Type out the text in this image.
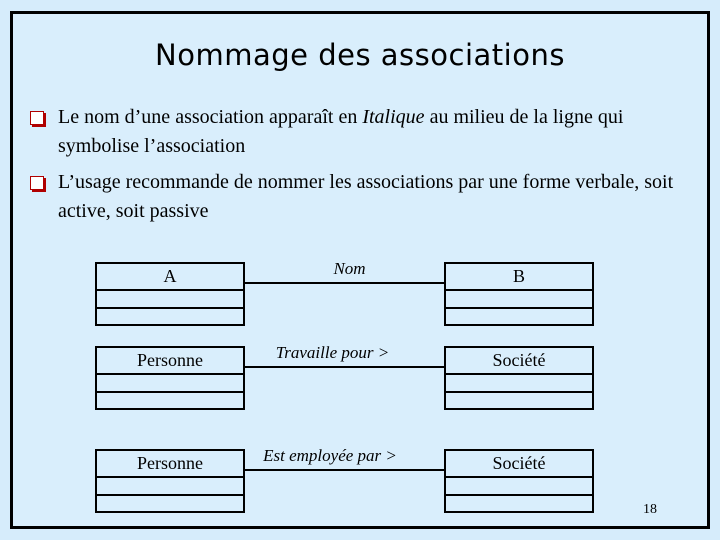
Nommage des associations
Le nom d’une association apparaît en Italique au milieu de la ligne qui symbolise l’association
L’usage recommande de nommer les associations par une forme verbale, soit active, soit passive
A	Nom	B
Personne	Travaille pour >	Société
Personne	Est employée par >	Société
18
